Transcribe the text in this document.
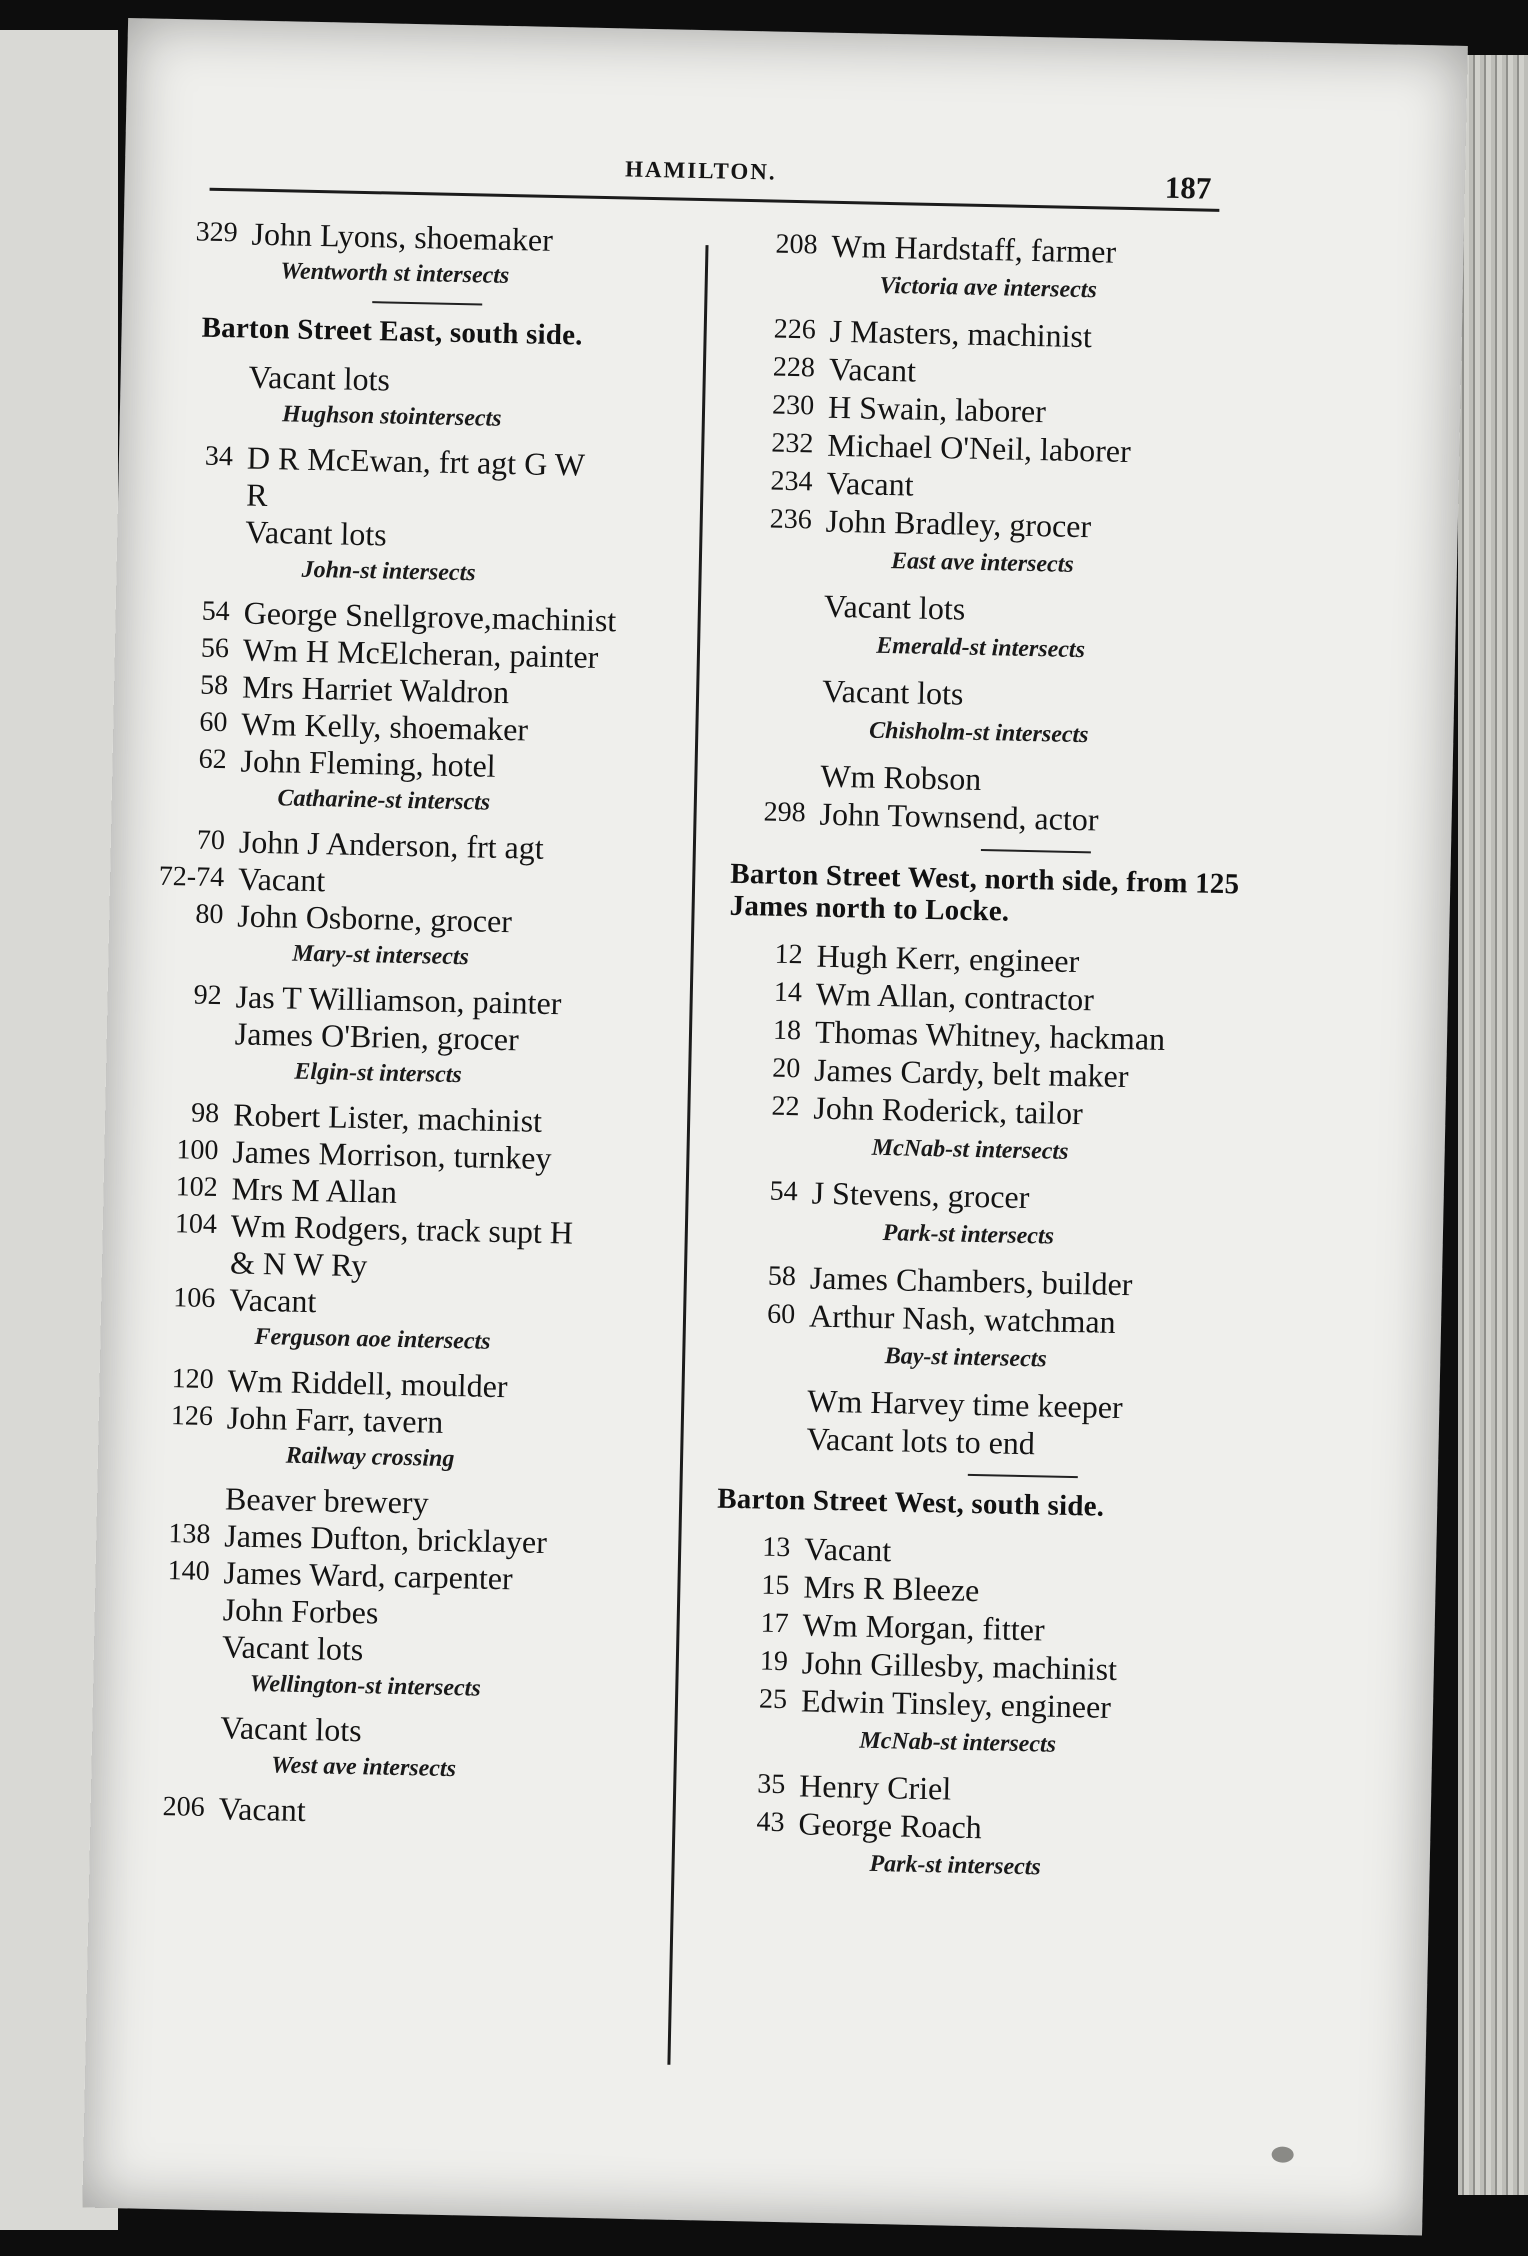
HAMILTON.	187
329 John Lyons, shoemaker
Wentworth st intersects
Barton Street East, south side.
Vacant lots
Hughson stointersects
34 D R McEwan, frt agt G W
R
Vacant lots
John-st intersects
54 George Snellgrove,machinist
56 Wm H McElcheran, painter
58 Mrs Harriet Waldron
60 Wm Kelly, shoemaker
62 John Fleming, hotel
Catharine-st interscts
70 John J Anderson, frt agt
72-74 Vacant
80 John Osborne, grocer
Mary-st intersects
92 Jas T Williamson, painter
James O'Brien, grocer
Elgin-st interscts
98 Robert Lister, machinist
100 James Morrison, turnkey
102 Mrs M Allan
104 Wm Rodgers, track supt H
& N W Ry
106 Vacant
Ferguson aoe intersects
120 Wm Riddell, moulder
126 John Farr, tavern
Railway crossing
Beaver brewery
138 James Dufton, bricklayer
140 James Ward, carpenter
John Forbes
Vacant lots
Wellington-st intersects
Vacant lots
West ave intersects
206 Vacant
208 Wm Hardstaff, farmer
Victoria ave intersects
226 J Masters, machinist
228 Vacant
230 H Swain, laborer
232 Michael O'Neil, laborer
234 Vacant
236 John Bradley, grocer
East ave intersects
Vacant lots
Emerald-st intersects
Vacant lots
Chisholm-st intersects
Wm Robson
298 John Townsend, actor
Barton Street West, north side, from 125 James north to Locke.
12 Hugh Kerr, engineer
14 Wm Allan, contractor
18 Thomas Whitney, hackman
20 James Cardy, belt maker
22 John Roderick, tailor
McNab-st intersects
54 J Stevens, grocer
Park-st intersects
58 James Chambers, builder
60 Arthur Nash, watchman
Bay-st intersects
Wm Harvey time keeper
Vacant lots to end
Barton Street West, south side.
13 Vacant
15 Mrs R Bleeze
17 Wm Morgan, fitter
19 John Gillesby, machinist
25 Edwin Tinsley, engineer
McNab-st intersects
35 Henry Criel
43 George Roach
Park-st intersects
